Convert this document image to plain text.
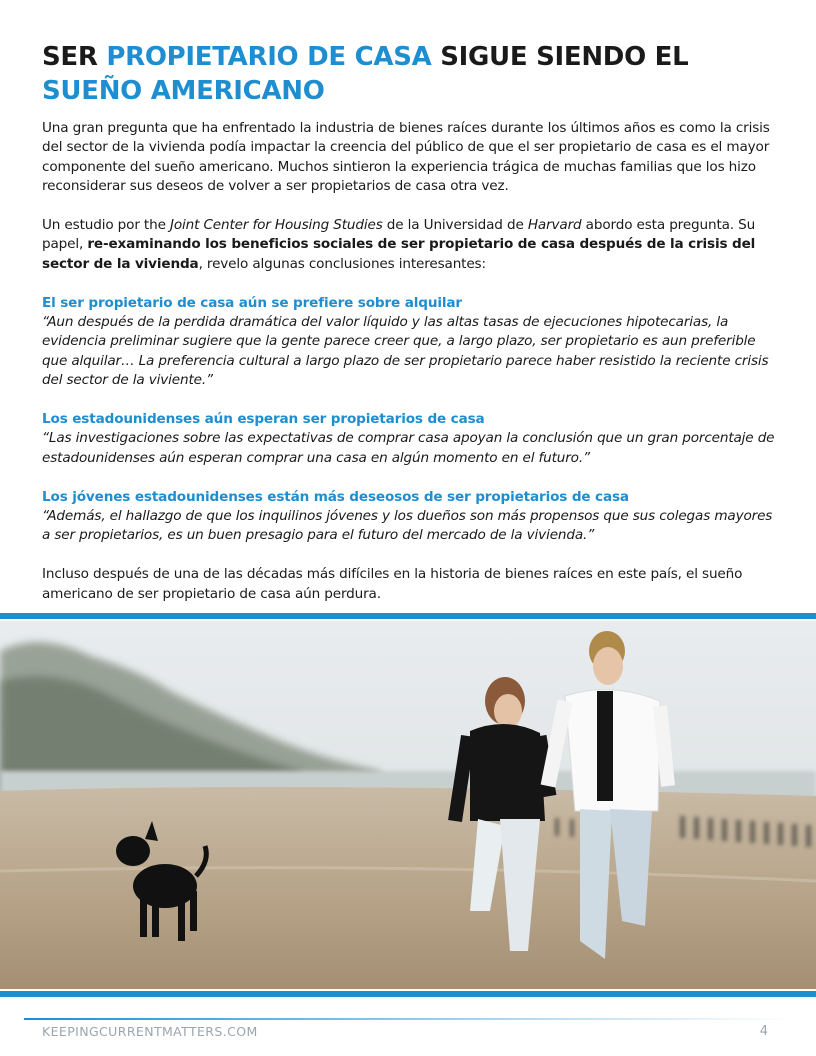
SER PROPIETARIO DE CASA SIGUE SIENDO EL SUEÑO AMERICANO

Una gran pregunta que ha enfrentado la industria de bienes raíces durante los últimos años es como la crisis del sector de la vivienda podía impactar la creencia del público de que el ser propietario de casa es el mayor componente del sueño americano. Muchos sintieron la experiencia trágica de muchas familias que los hizo reconsiderar sus deseos de volver a ser propietarios de casa otra vez.

Un estudio por the Joint Center for Housing Studies de la Universidad de Harvard abordo esta pregunta. Su papel, re-examinando los beneficios sociales de ser propietario de casa después de la crisis del sector de la vivienda, revelo algunas conclusiones interesantes:

El ser propietario de casa aún se prefiere sobre alquilar
“Aun después de la perdida dramática del valor líquido y las altas tasas de ejecuciones hipotecarias, la evidencia preliminar sugiere que la gente parece creer que, a largo plazo, ser propietario es aun preferible que alquilar… La preferencia cultural a largo plazo de ser propietario parece haber resistido la reciente crisis del sector de la viviente.”

Los estadounidenses aún esperan ser propietarios de casa
“Las investigaciones sobre las expectativas de comprar casa apoyan la conclusión que un gran porcentaje de estadounidenses aún esperan comprar una casa en algún momento en el futuro.”

Los jóvenes estadounidenses están más deseosos de ser propietarios de casa
“Además, el hallazgo de que los inquilinos jóvenes y los dueños son más propensos que sus colegas mayores a ser propietarios, es un buen presagio para el futuro del mercado de la vivienda.”

Incluso después de una de las décadas más difíciles en la historia de bienes raíces en este país, el sueño americano de ser propietario de casa aún perdura.

KEEPINGCURRENTMATTERS.COM	4
